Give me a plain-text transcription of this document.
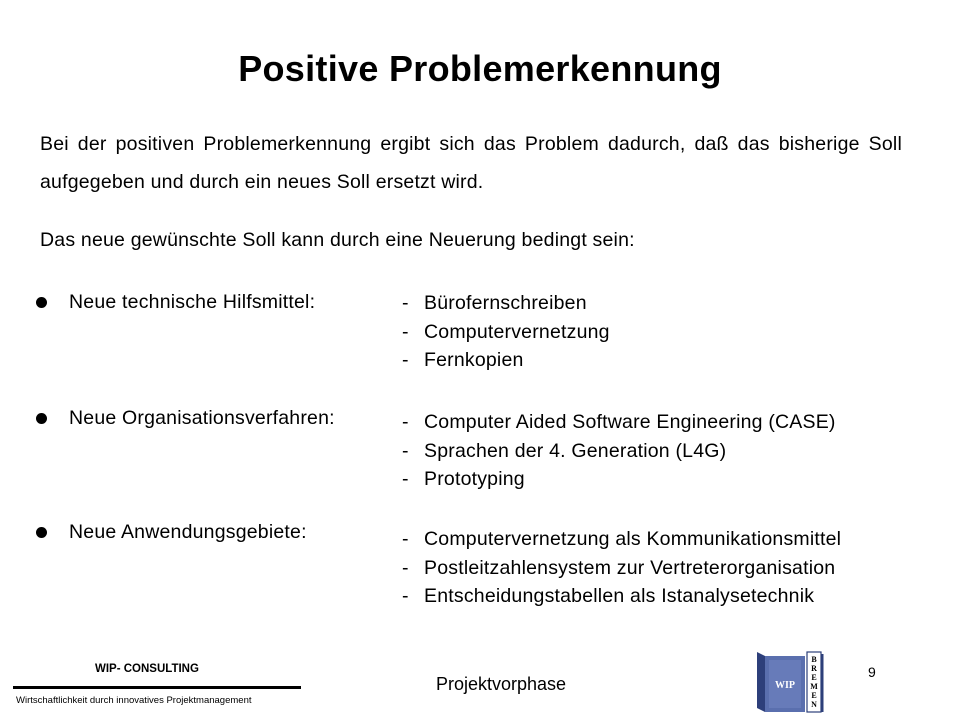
Positive Problemerkennung
Bei der positiven Problemerkennung ergibt sich das Problem dadurch, daß das bisherige Soll aufgegeben und durch ein neues Soll ersetzt wird.
Das neue gewünschte Soll kann durch eine Neuerung bedingt sein:
Neue technische Hilfsmittel:	- Bürofernschreiben
- Computervernetzung
- Fernkopien
Neue Organisationsverfahren:	- Computer Aided Software Engineering (CASE)
- Sprachen der 4. Generation (L4G)
- Prototyping
Neue Anwendungsgebiete:	- Computervernetzung als Kommunikationsmittel
- Postleitzahlensystem zur Vertreterorganisation
- Entscheidungstabellen als Istanalysetechnik
WIP- CONSULTING
Wirtschaftlichkeit durch innovatives Projektmanagement
Projektvorphase
9
WIP
B
R
E
M
E
N
